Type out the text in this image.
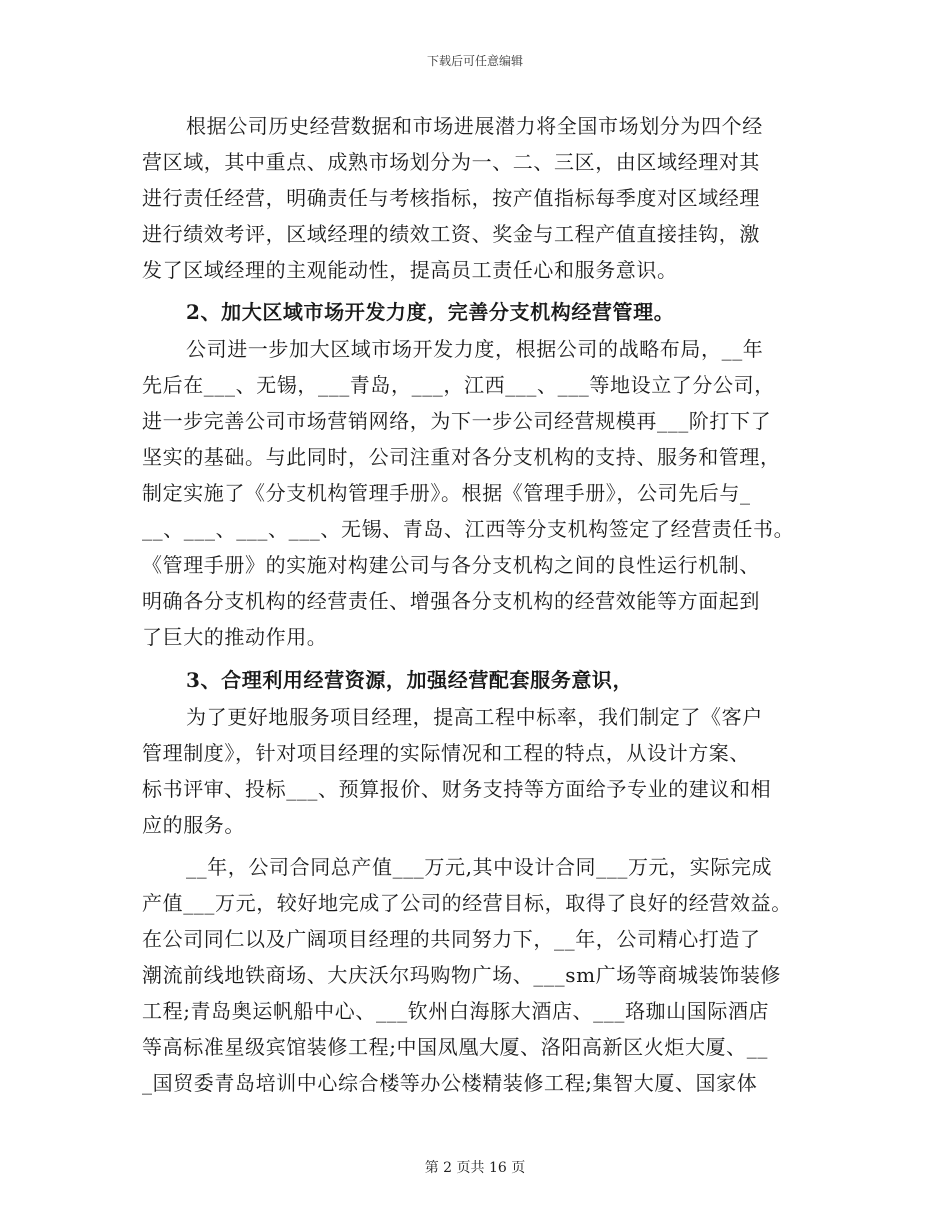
下载后可任意编辑
根据公司历史经营数据和市场进展潜力将全国市场划分为四个经
营区域，其中重点、成熟市场划分为一、二、三区，由区域经理对其
进行责任经营，明确责任与考核指标，按产值指标每季度对区域经理
进行绩效考评，区域经理的绩效工资、奖金与工程产值直接挂钩，激
发了区域经理的主观能动性，提高员工责任心和服务意识。
2、加大区域市场开发力度，完善分支机构经营管理。
公司进一步加大区域市场开发力度，根据公司的战略布局，__年
先后在___、无锡，___青岛，___，江西___、___等地设立了分公司，
进一步完善公司市场营销网络，为下一步公司经营规模再___阶打下了
坚实的基础。与此同时，公司注重对各分支机构的支持、服务和管理，
制定实施了《分支机构管理手册》。根据《管理手册》，公司先后与_
__、___、___、___、无锡、青岛、江西等分支机构签定了经营责任书。
《管理手册》的实施对构建公司与各分支机构之间的良性运行机制、
明确各分支机构的经营责任、增强各分支机构的经营效能等方面起到
了巨大的推动作用。
3、合理利用经营资源，加强经营配套服务意识，
为了更好地服务项目经理，提高工程中标率，我们制定了《客户
管理制度》，针对项目经理的实际情况和工程的特点，从设计方案、
标书评审、投标___、预算报价、财务支持等方面给予专业的建议和相
应的服务。
__年，公司合同总产值___万元,其中设计合同___万元，实际完成
产值___万元，较好地完成了公司的经营目标，取得了良好的经营效益。
在公司同仁以及广阔项目经理的共同努力下，__年，公司精心打造了
潮流前线地铁商场、大庆沃尔玛购物广场、___sm广场等商城装饰装修
工程;青岛奥运帆船中心、___钦州白海豚大酒店、___珞珈山国际酒店
等高标准星级宾馆装修工程;中国凤凰大厦、洛阳高新区火炬大厦、__
_国贸委青岛培训中心综合楼等办公楼精装修工程;集智大厦、国家体
第 2 页共 16 页
